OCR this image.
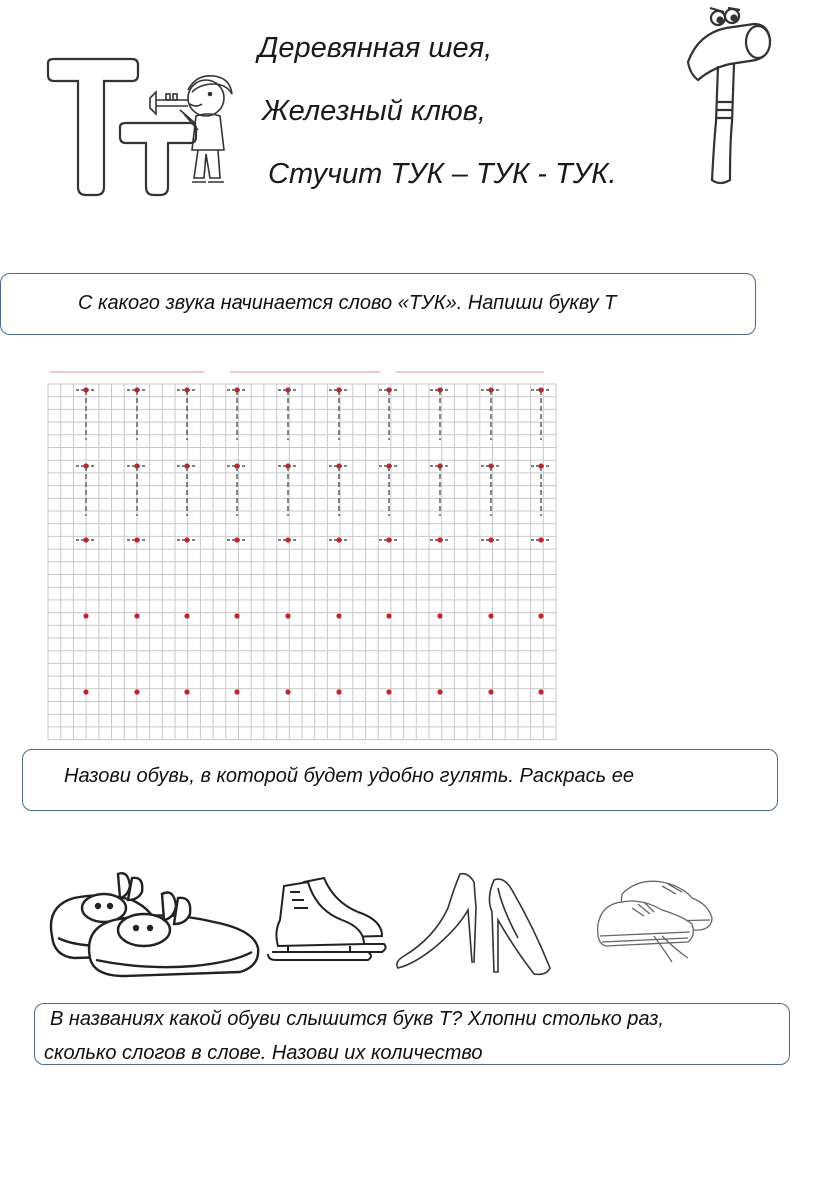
Деревянная шея,
Железный клюв,
Стучит ТУК – ТУК - ТУК.
С какого звука начинается слово «ТУК». Напиши букву Т
Назови обувь, в которой будет удобно гулять. Раскрась ее
В названиях какой обуви слышится букв Т? Хлопни столько раз,
сколько слогов в слове. Назови их количество
